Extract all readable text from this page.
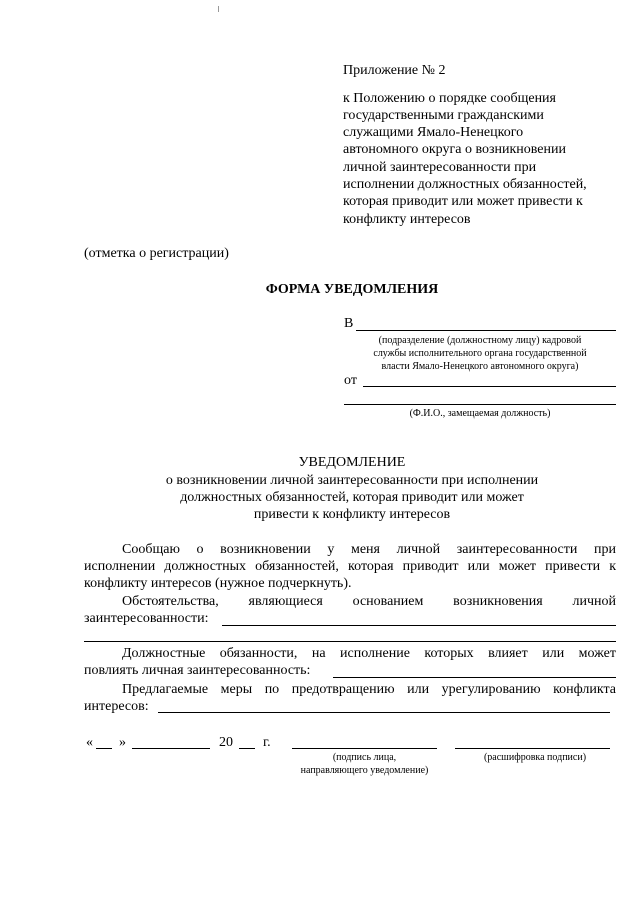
Приложение № 2
к Положению о порядке сообщения
государственными гражданскими
служащими Ямало-Ненецкого
автономного округа о возникновении
личной заинтересованности при
исполнении должностных обязанностей,
которая приводит или может привести к
конфликту интересов
(отметка о регистрации)
ФОРМА УВЕДОМЛЕНИЯ
В
(подразделение (должностному лицу) кадровой
службы исполнительного органа государственной
власти Ямало-Ненецкого автономного округа)
от
(Ф.И.О., замещаемая должность)
УВЕДОМЛЕНИЕ
о возникновении личной заинтересованности при исполнении
должностных обязанностей, которая приводит или может
привести к конфликту интересов
Сообщаю о возникновении у меня личной заинтересованности при
исполнении должностных обязанностей, которая приводит или может привести к
конфликту интересов (нужное подчеркнуть).
Обстоятельства, являющиеся основанием возникновения личной
заинтересованности:
Должностные обязанности, на исполнение которых влияет или может
повлиять личная заинтересованность:
Предлагаемые меры по предотвращению или урегулированию конфликта
интересов:
« »	20 г.
(подпись лица,
направляющего уведомление)
(расшифровка подписи)
